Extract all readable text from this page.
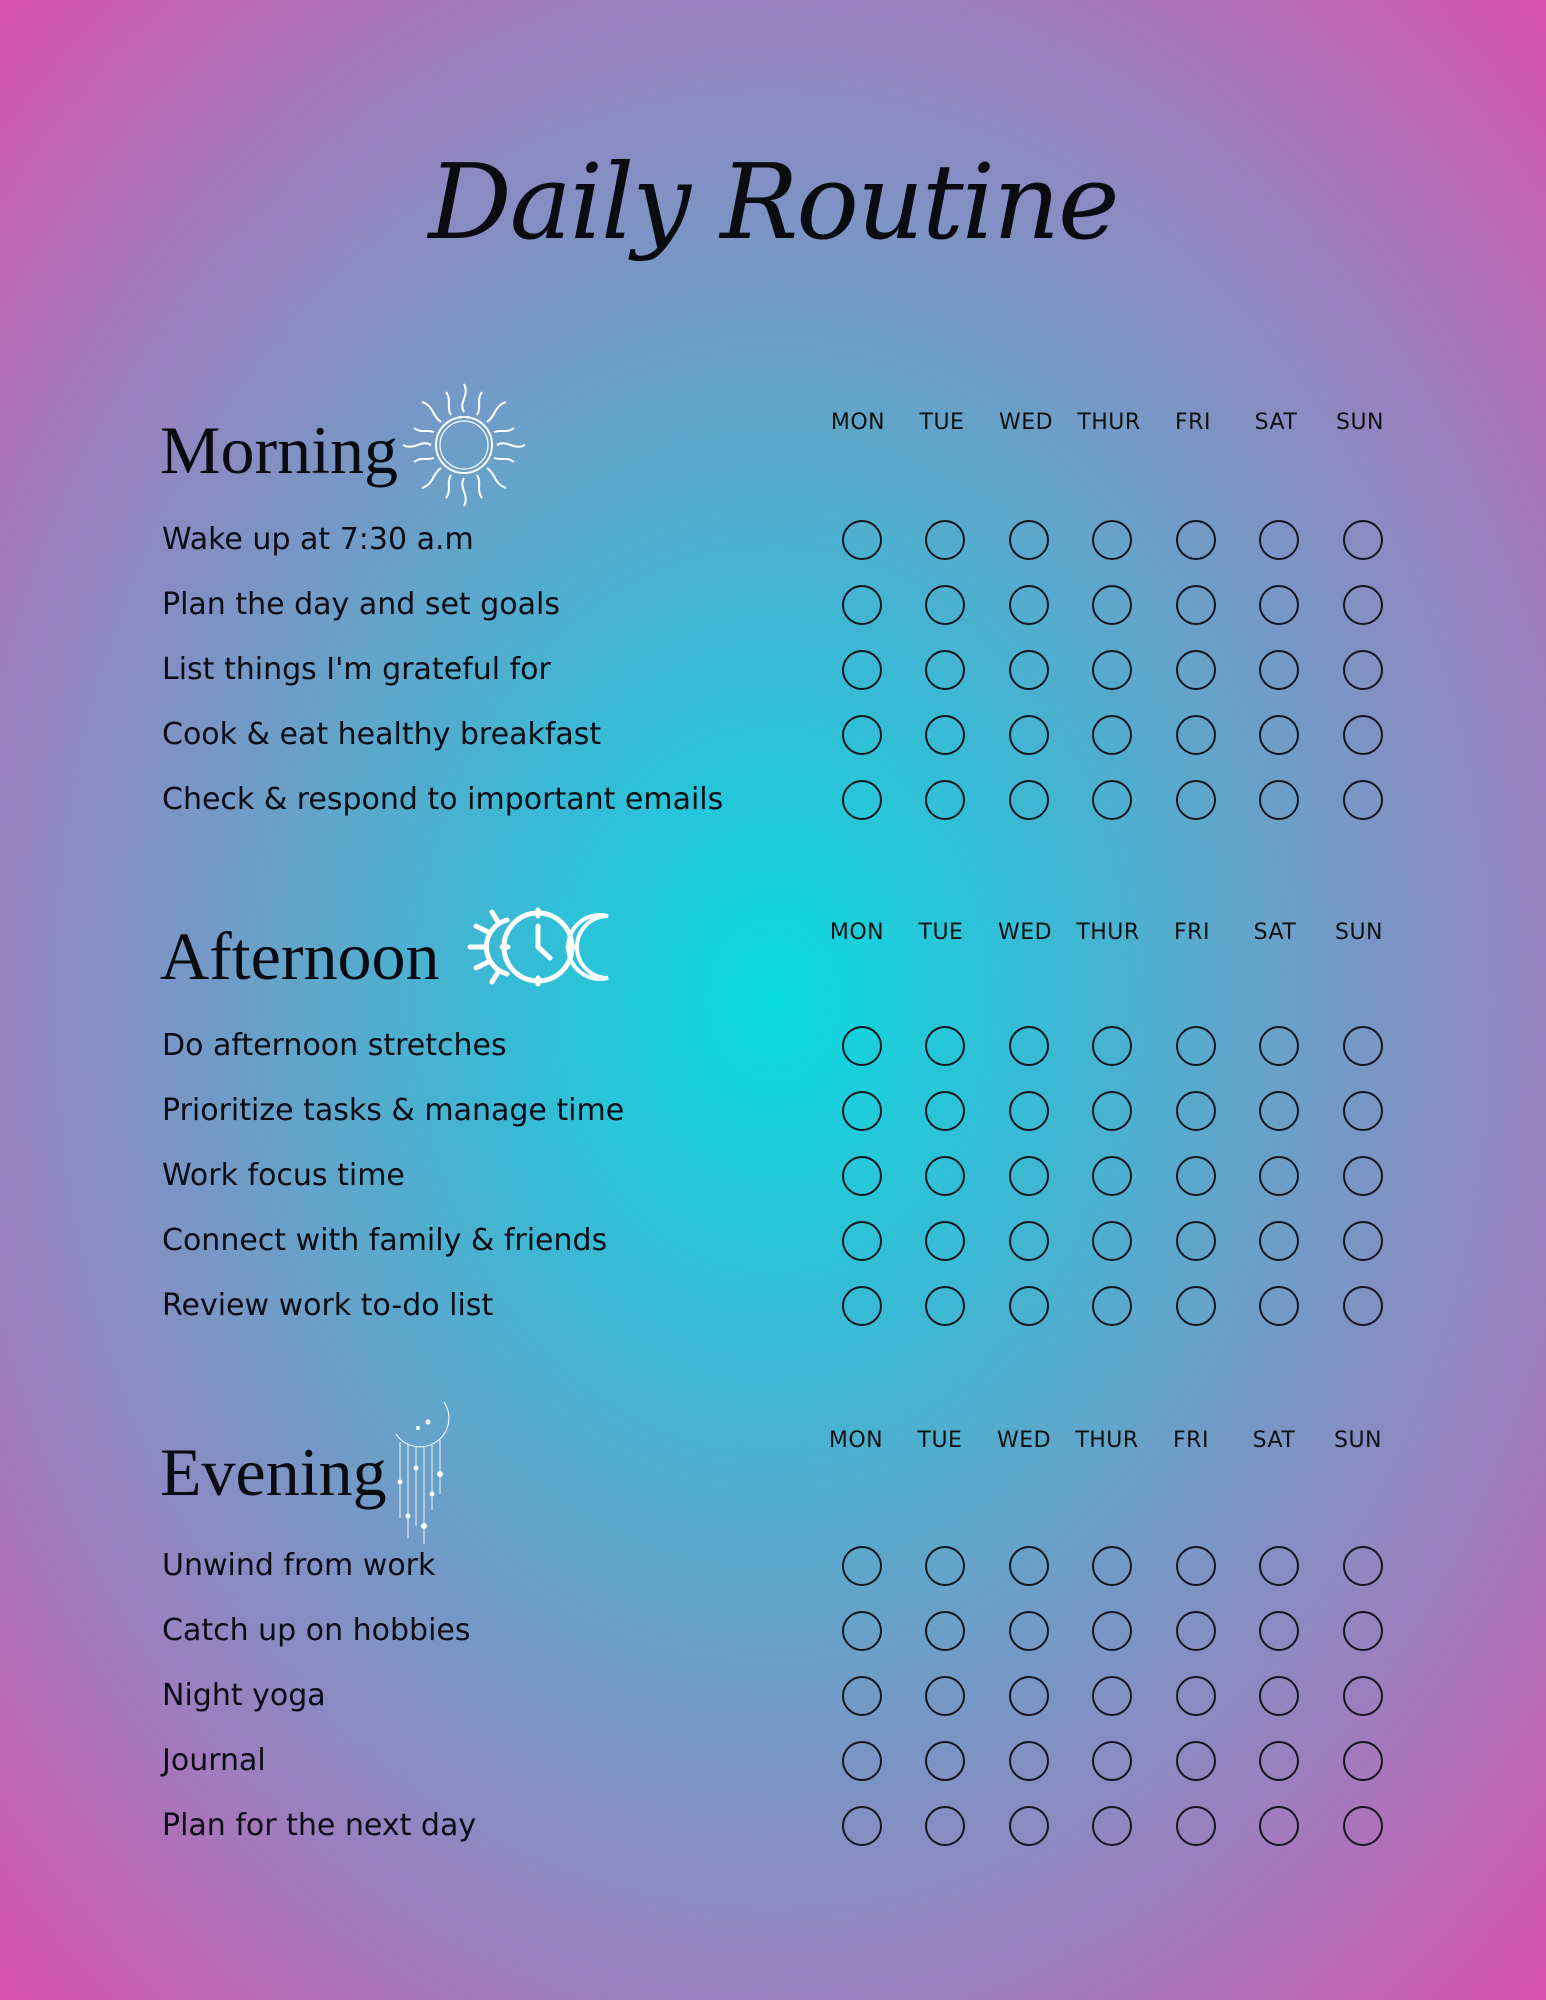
Daily Routine
Morning	MON	TUE	WED	THUR	FRI	SAT	SUN
Wake up at 7:30 a.m
Plan the day and set goals
List things I'm grateful for
Cook & eat healthy breakfast
Check & respond to important emails
Afternoon	MON	TUE	WED	THUR	FRI	SAT	SUN
Do afternoon stretches
Prioritize tasks & manage time
Work focus time
Connect with family & friends
Review work to-do list
Evening	MON	TUE	WED	THUR	FRI	SAT	SUN
Unwind from work
Catch up on hobbies
Night yoga
Journal
Plan for the next day
